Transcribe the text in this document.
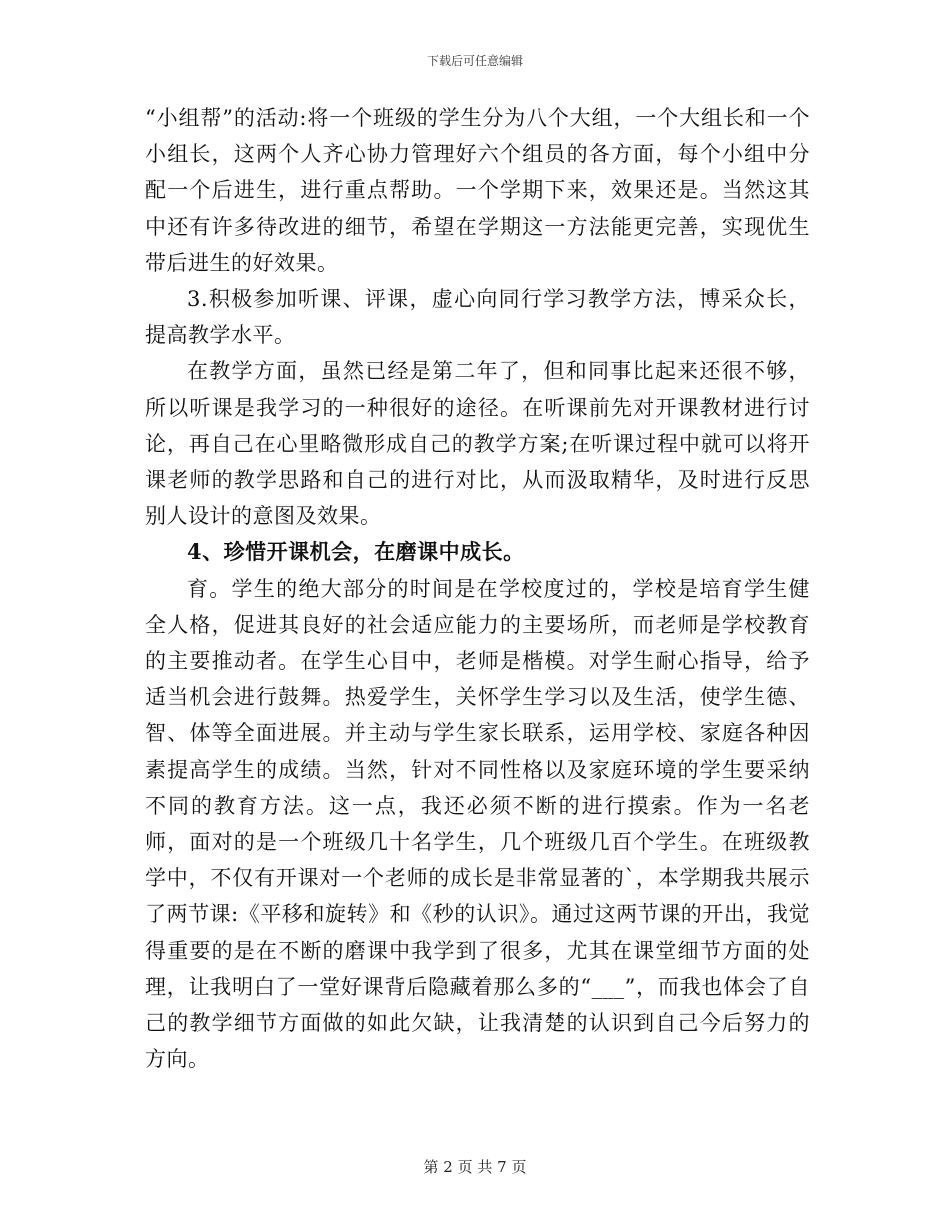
下载后可任意编辑

“小组帮”的活动:将一个班级的学生分为八个大组，一个大组长和一个小组长，这两个人齐心协力管理好六个组员的各方面，每个小组中分配一个后进生，进行重点帮助。一个学期下来，效果还是。当然这其中还有许多待改进的细节，希望在学期这一方法能更完善，实现优生带后进生的好效果。

3.积极参加听课、评课，虚心向同行学习教学方法，博采众长，提高教学水平。

在教学方面，虽然已经是第二年了，但和同事比起来还很不够，所以听课是我学习的一种很好的途径。在听课前先对开课教材进行讨论，再自己在心里略微形成自己的教学方案;在听课过程中就可以将开课老师的教学思路和自己的进行对比，从而汲取精华，及时进行反思别人设计的意图及效果。

4、珍惜开课机会，在磨课中成长。

育。学生的绝大部分的时间是在学校度过的，学校是培育学生健全人格，促进其良好的社会适应能力的主要场所，而老师是学校教育的主要推动者。在学生心目中，老师是楷模。对学生耐心指导，给予适当机会进行鼓舞。热爱学生，关怀学生学习以及生活，使学生德、智、体等全面进展。并主动与学生家长联系，运用学校、家庭各种因素提高学生的成绩。当然，针对不同性格以及家庭环境的学生要采纳不同的教育方法。这一点，我还必须不断的进行摸索。作为一名老师，面对的是一个班级几十名学生，几个班级几百个学生。在班级教学中，不仅有开课对一个老师的成长是非常显著的`，本学期我共展示了两节课:《平移和旋转》和《秒的认识》。通过这两节课的开出，我觉得重要的是在不断的磨课中我学到了很多，尤其在课堂细节方面的处理，让我明白了一堂好课背后隐藏着那么多的“___”，而我也体会了自己的教学细节方面做的如此欠缺，让我清楚的认识到自己今后努力的方向。

第 2 页 共 7 页
